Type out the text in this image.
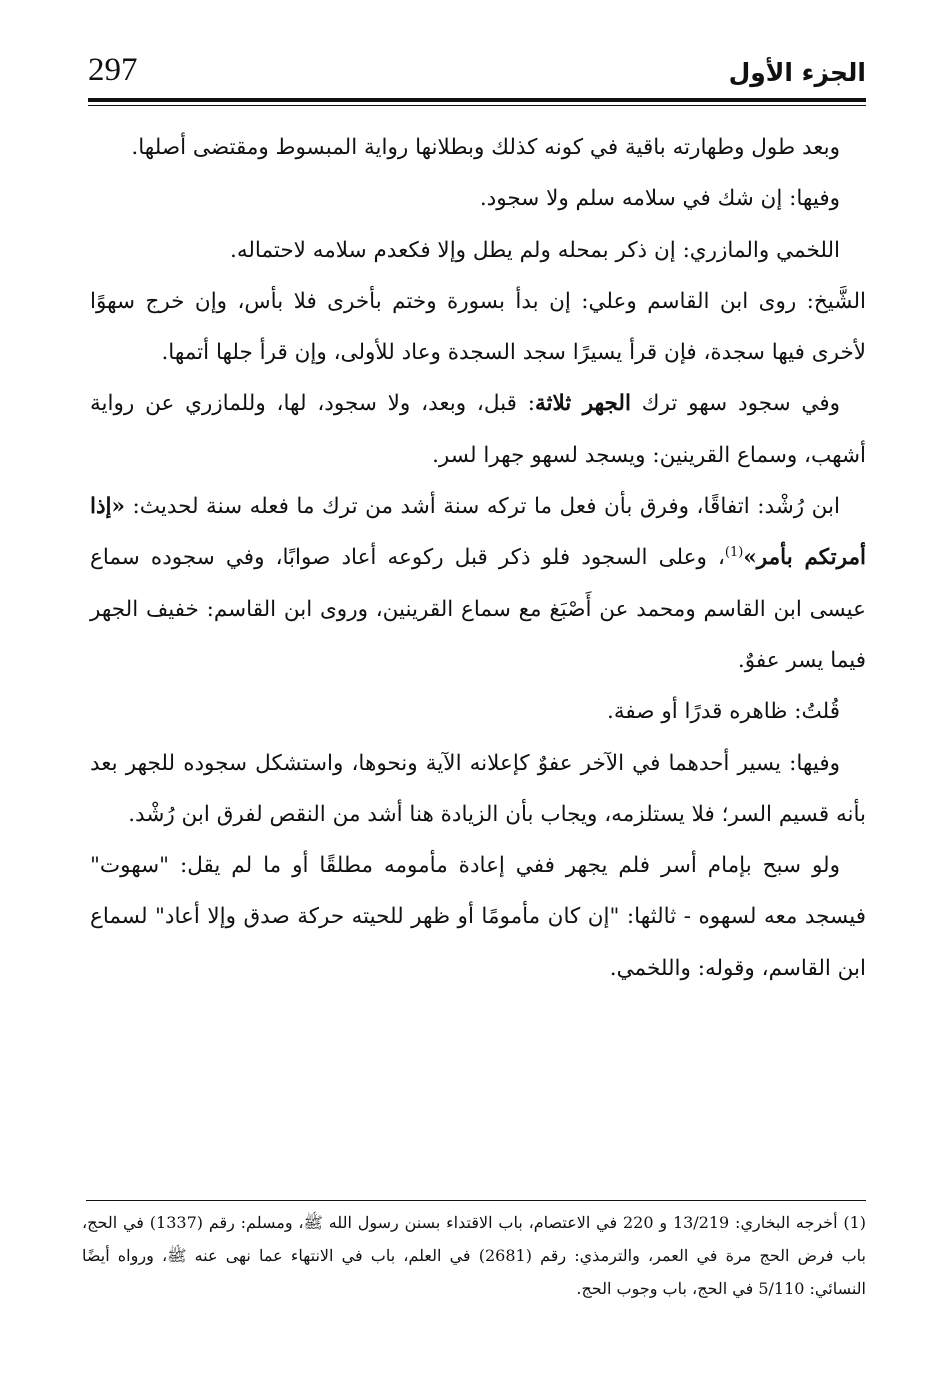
297	الجزء الأول

وبعد طول وطهارته باقية في كونه كذلك وبطلانها رواية المبسوط ومقتضى أصلها.

وفيها: إن شك في سلامه سلم ولا سجود.

اللخمي والمازري: إن ذكر بمحله ولم يطل وإلا فكعدم سلامه لاحتماله.

الشَّيخ: روى ابن القاسم وعلي: إن بدأ بسورة وختم بأخرى فلا بأس، وإن خرج سهوًا لأخرى فيها سجدة، فإن قرأ يسيرًا سجد السجدة وعاد للأولى، وإن قرأ جلها أتمها.

وفي سجود سهو ترك الجهر ثلاثة: قبل، وبعد، ولا سجود، لها، وللمازري عن رواية أشهب، وسماع القرينين: ويسجد لسهو جهرا لسر.

ابن رُشْد: اتفاقًا، وفرق بأن فعل ما تركه سنة أشد من ترك ما فعله سنة لحديث: «إذا أمرتكم بأمر»$^{(1)}$، وعلى السجود فلو ذكر قبل ركوعه أعاد صوابًا، وفي سجوده سماع عيسى ابن القاسم ومحمد عن أَصْبَغ مع سماع القرينين، وروى ابن القاسم: خفيف الجهر فيما يسر عفوٌ.

قُلتُ: ظاهره قدرًا أو صفة.

وفيها: يسير أحدهما في الآخر عفوٌ كإعلانه الآية ونحوها، واستشكل سجوده للجهر بعد بأنه قسيم السر؛ فلا يستلزمه، ويجاب بأن الزيادة هنا أشد من النقص لفرق ابن رُشْد.

ولو سبح بإمام أسر فلم يجهر ففي إعادة مأمومه مطلقًا أو ما لم يقل: "سهوت" فيسجد معه لسهوه - ثالثها: "إن كان مأمومًا أو ظهر للحيته حركة صدق وإلا أعاد" لسماع ابن القاسم، وقوله: واللخمي.

(1) أخرجه البخاري: 13/219 و 220 في الاعتصام، باب الاقتداء بسنن رسول الله ﷺ، ومسلم: رقم (1337) في الحج، باب فرض الحج مرة في العمر، والترمذي: رقم (2681) في العلم، باب في الانتهاء عما نهى عنه ﷺ، ورواه أيضًا النسائي: 5/110 في الحج، باب وجوب الحج.
